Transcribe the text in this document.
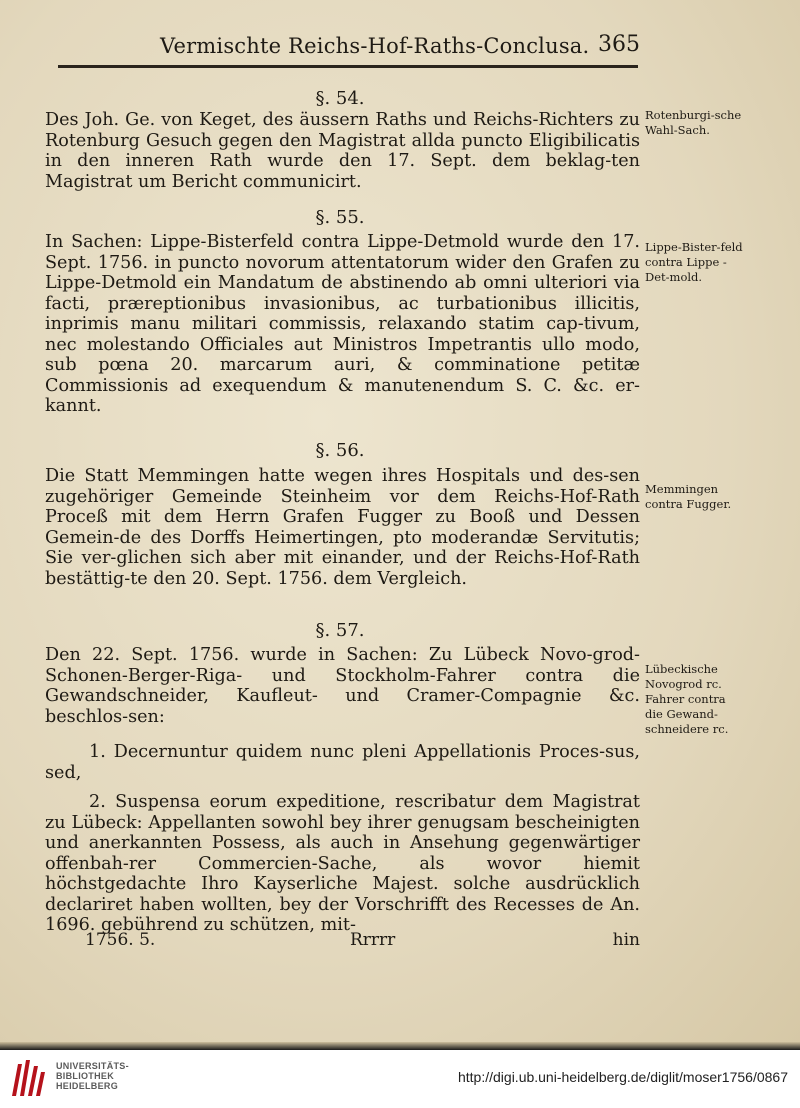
Vermischte Reichs-Hof-Raths-Conclusa. 365
§. 54.

Des Joh. Ge. von Keget, des äussern Raths und Reichs-Richters zu Rotenburg Gesuch gegen den Magistrat allda puncto Eligibilicatis in den inneren Rath wurde den 17. Sept. dem beklag-ten Magistrat um Bericht communicirt.

Rotenburgi-sche Wahl-Sach.

§. 55.

In Sachen: Lippe-Bisterfeld contra Lippe-Detmold wurde den 17. Sept. 1756. in puncto novorum attentatorum wider den Grafen zu Lippe-Detmold ein Mandatum de abstinendo ab omni ulteriori via facti, præreptionibus invasionibus, ac turbationibus illicitis, inprimis manu militari commissis, relaxando statim cap-tivum, nec molestando Officiales aut Ministros Impetrantis ullo modo, sub pœna 20. marcarum auri, & comminatione petitæ Commissionis ad exequendum & manutenendum S. C. &c. er-kannt.

Lippe-Bister-feld contra Lippe - Det-mold.

§. 56.

Die Statt Memmingen hatte wegen ihres Hospitals und des-sen zugehöriger Gemeinde Steinheim vor dem Reichs-Hof-Rath Proceß mit dem Herrn Grafen Fugger zu Booß und Dessen Gemein-de des Dorffs Heimertingen, pto moderandæ Servitutis; Sie ver-glichen sich aber mit einander, und der Reichs-Hof-Rath bestättig-te den 20. Sept. 1756. dem Vergleich.

Memmingen contra Fugger.

§. 57.

Den 22. Sept. 1756. wurde in Sachen: Zu Lübeck Novo-grod-Schonen-Berger-Riga- und Stockholm-Fahrer contra die Gewandschneider, Kaufleut- und Cramer-Compagnie &c. beschlos-sen:

Lübeckische Novogrod rc. Fahrer contra die Gewand-schneidere rc.

1. Decernuntur quidem nunc pleni Appellationis Proces-sus, sed,

2. Suspensa eorum expeditione, rescribatur dem Magistrat zu Lübeck: Appellanten sowohl bey ihrer genugsam bescheinigten und anerkannten Possess, als auch in Ansehung gegenwärtiger offenbah-rer Commercien-Sache, als wovor hiemit höchstgedachte Ihro Kayserliche Majest. solche ausdrücklich declariret haben wollten, bey der Vorschrifft des Recesses de An. 1696. gebührend zu schützen, mit-

1756. 5.	Rrrrr	hin
UNIVERSITÄTS-
BIBLIOTHEK
HEIDELBERG
http://digi.ub.uni-heidelberg.de/diglit/moser1756/0867
